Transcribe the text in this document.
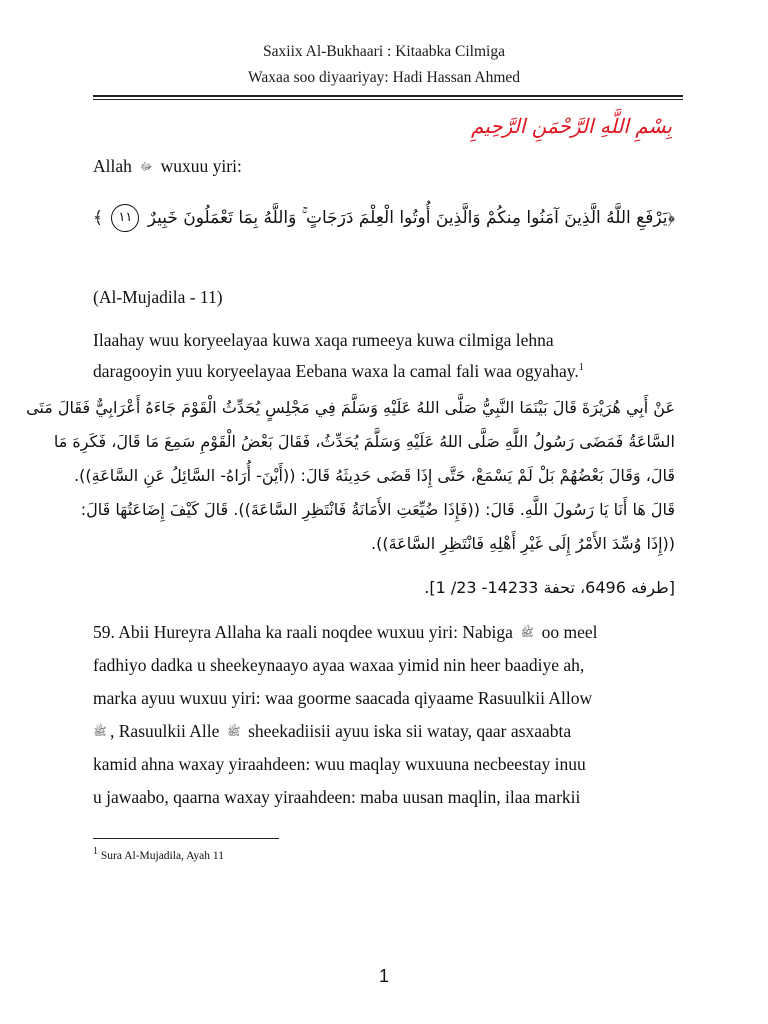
Saxiix Al-Bukhaari : Kitaabka Cilmiga
Waxaa soo diyaariyay: Hadi Hassan Ahmed
بِسْمِ اللَّهِ الرَّحْمَنِ الرَّحِيمِ
Allah ﷻ wuxuu yiri:
﴿يَرْفَعِ اللَّهُ الَّذِينَ آمَنُوا مِنكُمْ وَالَّذِينَ أُوتُوا الْعِلْمَ دَرَجَاتٍ ۚ وَاللَّهُ بِمَا تَعْمَلُونَ خَبِيرٌ ١١ ﴾
(Al-Mujadila - 11)
Ilaahay wuu koryeelayaa kuwa xaqa rumeeya kuwa cilmiga lehna
daragooyin yuu koryeelayaa Eebana waxa la camal fali waa ogyahay.$^1$
عَنْ أَبِي هُرَيْرَةَ قَالَ بَيْنَمَا النَّبِيُّ صَلَّى اللهُ عَلَيْهِ وَسَلَّمَ فِي مَجْلِسٍ يُحَدِّثُ الْقَوْمَ جَاءَهُ أَعْرَابِيٌّ فَقَالَ مَتَى
السَّاعَةُ فَمَضَى رَسُولُ اللَّهِ صَلَّى اللهُ عَلَيْهِ وَسَلَّمَ يُحَدِّثُ، فَقَالَ بَعْضُ الْقَوْمِ سَمِعَ مَا قَالَ، فَكَرِهَ مَا
قَالَ، وَقَالَ بَعْضُهُمْ بَلْ لَمْ يَسْمَعْ، حَتَّى إِذَا قَضَى حَدِيثَهُ قَالَ: ((أَيْنَ- أُرَاهُ- السَّائِلُ عَنِ السَّاعَةِ)).
قَالَ هَا أَنَا يَا رَسُولَ اللَّهِ. قَالَ: ((فَإِذَا ضُيِّعَتِ الأَمَانَةُ فَانْتَظِرِ السَّاعَةَ)). قَالَ كَيْفَ إِضَاعَتُهَا قَالَ:
((إِذَا وُسِّدَ الأَمْرُ إِلَى غَيْرِ أَهْلِهِ فَانْتَظِرِ السَّاعَةَ)).
[طرفه 6496، تحفة 14233- 23/ 1].
59. Abii Hureyra Allaha ka raali noqdee wuxuu yiri: Nabiga ﷺ oo meel
fadhiyo dadka u sheekeynaayo ayaa waxaa yimid nin heer baadiye ah,
marka ayuu wuxuu yiri: waa goorme saacada qiyaame Rasuulkii Allow
ﷺ , Rasuulkii Alle ﷺ sheekadiisii ayuu iska sii watay, qaar asxaabta
kamid ahna waxay yiraahdeen: wuu maqlay wuxuuna necbeestay inuu
u jawaabo, qaarna waxay yiraahdeen: maba uusan maqlin, ilaa markii
$^1$ Sura Al-Mujadila, Ayah 11
1
